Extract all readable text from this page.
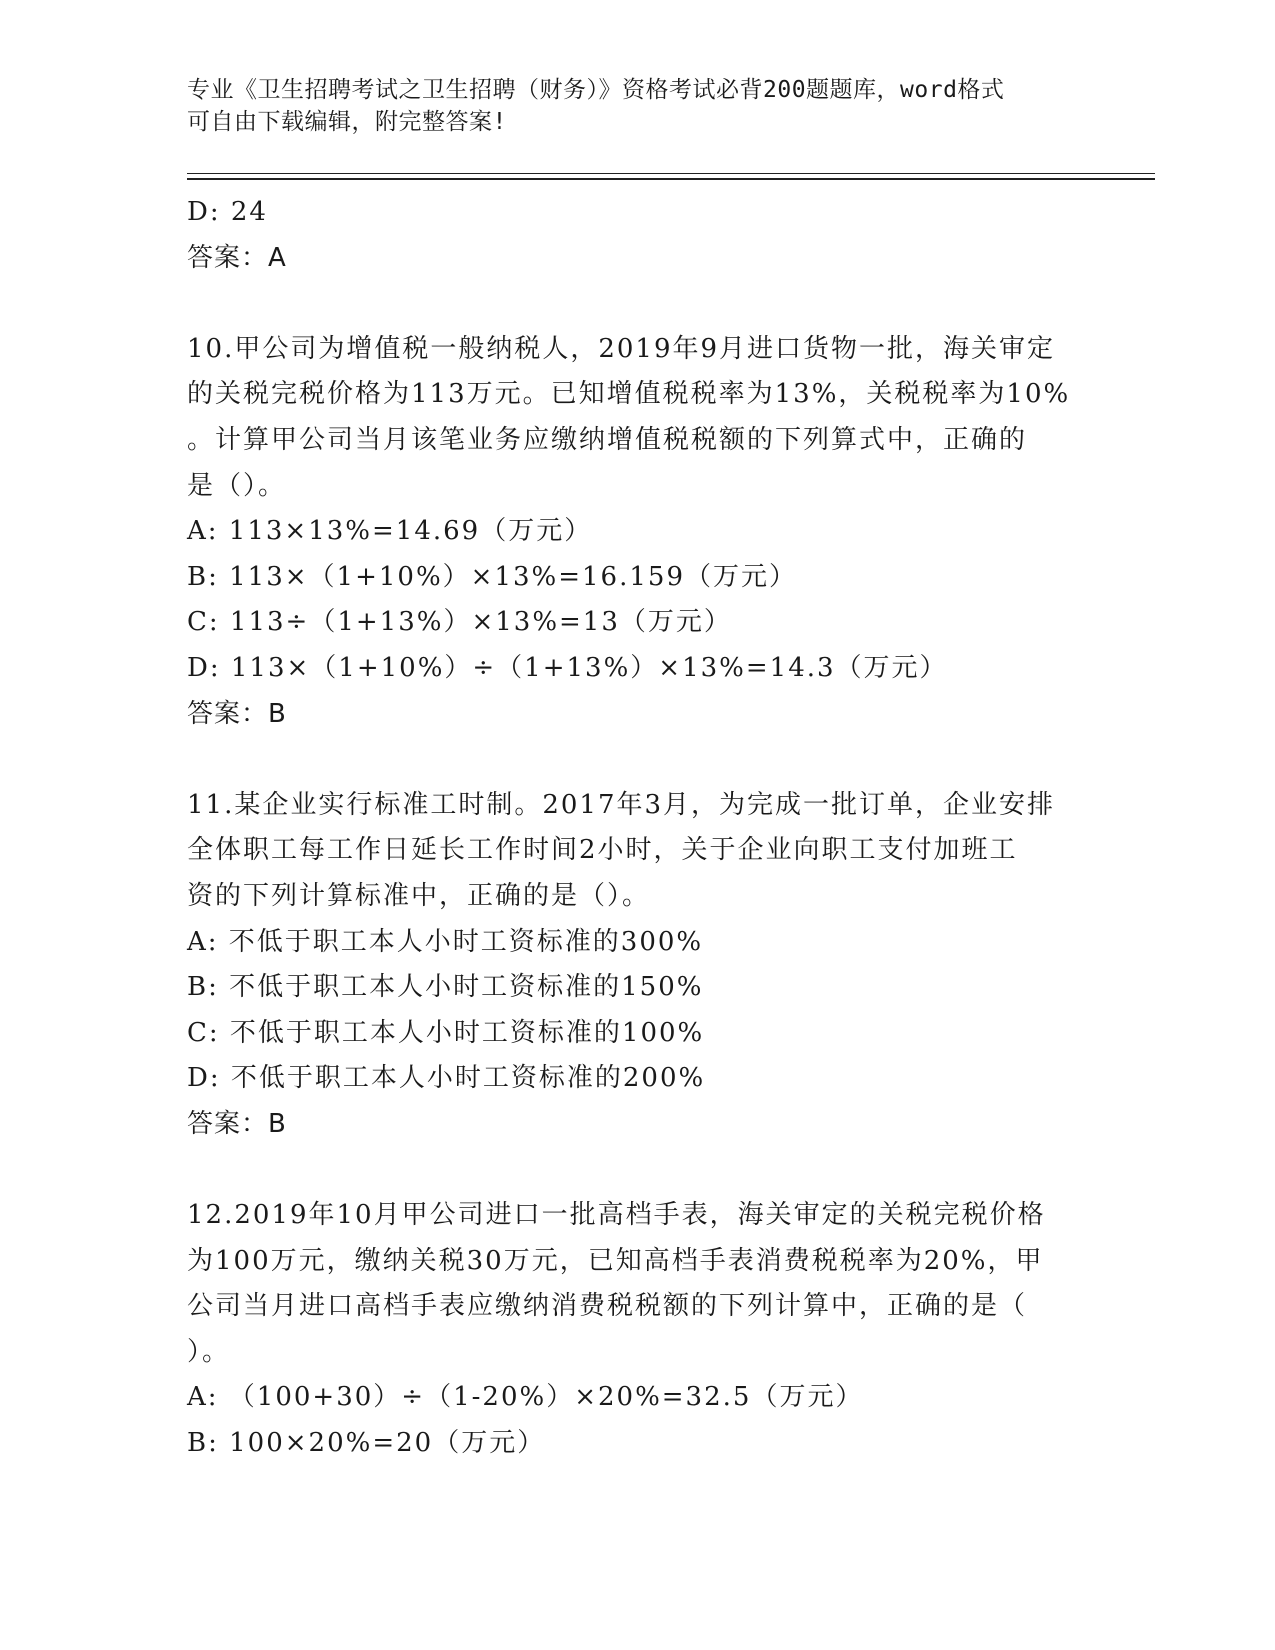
专业《卫生招聘考试之卫生招聘（财务）》资格考试必背200题题库，word格式
可自由下载编辑，附完整答案!
D: 24
答案：A
10.甲公司为增值税一般纳税人，2019年9月进口货物一批，海关审定
的关税完税价格为113万元。已知增值税税率为13%，关税税率为10%
。计算甲公司当月该笔业务应缴纳增值税税额的下列算式中，正确的
是（）。
A: 113×13%=14.69（万元）
B: 113×（1+10%）×13%=16.159（万元）
C: 113÷（1+13%）×13%=13（万元）
D: 113×（1+10%）÷（1+13%）×13%=14.3（万元）
答案：B
11.某企业实行标准工时制。2017年3月，为完成一批订单，企业安排
全体职工每工作日延长工作时间2小时，关于企业向职工支付加班工
资的下列计算标准中，正确的是（）。
A: 不低于职工本人小时工资标准的300%
B: 不低于职工本人小时工资标准的150%
C: 不低于职工本人小时工资标准的100%
D: 不低于职工本人小时工资标准的200%
答案：B
12.2019年10月甲公司进口一批高档手表，海关审定的关税完税价格
为100万元，缴纳关税30万元，已知高档手表消费税税率为20%，甲
公司当月进口高档手表应缴纳消费税税额的下列计算中，正确的是（
）。
A: （100+30）÷（1-20%）×20%=32.5（万元）
B: 100×20%=20（万元）
